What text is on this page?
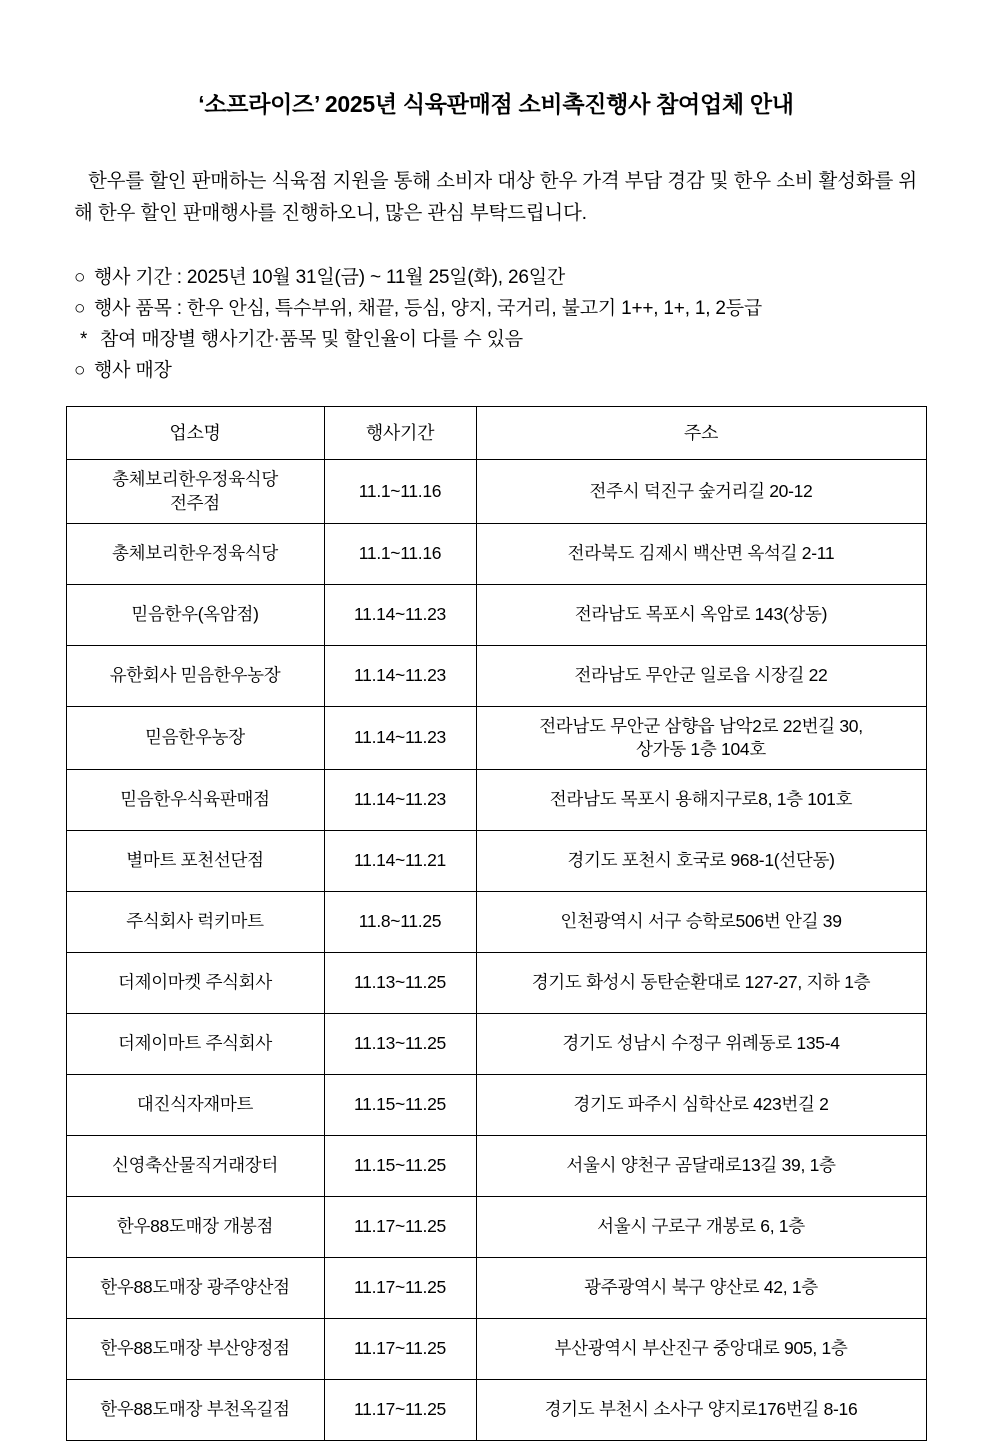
‘소프라이즈’ 2025년 식육판매점 소비촉진행사 참여업체 안내

한우를 할인 판매하는 식육점 지원을 통해 소비자 대상 한우 가격 부담 경감 및 한우 소비 활성화를 위해 한우 할인 판매행사를 진행하오니, 많은 관심 부탁드립니다.

○ 행사 기간 : 2025년 10월 31일(금) ~ 11월 25일(화), 26일간
○ 행사 품목 : 한우 안심, 특수부위, 채끝, 등심, 양지, 국거리, 불고기 1++, 1+, 1, 2등급
* 참여 매장별 행사기간·품목 및 할인율이 다를 수 있음
○ 행사 매장
업소명	행사기간	주소
총체보리한우정육식당
전주점	11.1~11.16	전주시 덕진구 숲거리길 20-12
총체보리한우정육식당	11.1~11.16	전라북도 김제시 백산면 옥석길 2-11
믿음한우(옥암점)	11.14~11.23	전라남도 목포시 옥암로 143(상동)
유한회사 믿음한우농장	11.14~11.23	전라남도 무안군 일로읍 시장길 22
믿음한우농장	11.14~11.23	전라남도 무안군 삼향읍 남악2로 22번길 30,
상가동 1층 104호
믿음한우식육판매점	11.14~11.23	전라남도 목포시 용해지구로8, 1층 101호
별마트 포천선단점	11.14~11.21	경기도 포천시 호국로 968-1(선단동)
주식회사 럭키마트	11.8~11.25	인천광역시 서구 승학로506번 안길 39
더제이마켓 주식회사	11.13~11.25	경기도 화성시 동탄순환대로 127-27, 지하 1층
더제이마트 주식회사	11.13~11.25	경기도 성남시 수정구 위례동로 135-4
대진식자재마트	11.15~11.25	경기도 파주시 심학산로 423번길 2
신영축산물직거래장터	11.15~11.25	서울시 양천구 곰달래로13길 39, 1층
한우88도매장 개봉점	11.17~11.25	서울시 구로구 개봉로 6, 1층
한우88도매장 광주양산점	11.17~11.25	광주광역시 북구 양산로 42, 1층
한우88도매장 부산양정점	11.17~11.25	부산광역시 부산진구 중앙대로 905, 1층
한우88도매장 부천옥길점	11.17~11.25	경기도 부천시 소사구 양지로176번길 8-16
